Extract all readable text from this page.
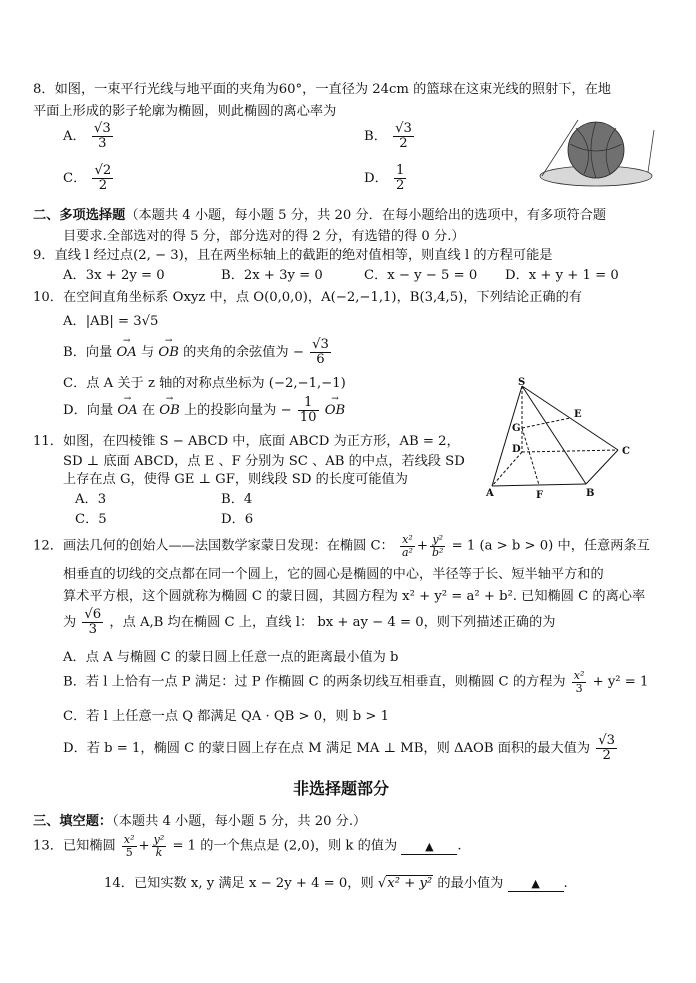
8．如图，一束平行光线与地平面的夹角为60°，一直径为 24cm 的篮球在这束光线的照射下，在地
平面上形成的影子轮廓为椭圆，则此椭圆的离心率为
A． $\frac{√3}{3}$	B． $\frac{√3}{2}$
C． $\frac{√2}{2}$	D． $\frac{1}{2}$
二、多项选择题（本题共 4 小题，每小题 5 分，共 20 分．在每小题给出的选项中，有多项符合题
目要求.全部选对的得 5 分，部分选对的得 2 分，有选错的得 0 分.）
9．直线 l 经过点(2, − 3)，且在两坐标轴上的截距的绝对值相等，则直线 l 的方程可能是
A．3x + 2y = 0	B．2x + 3y = 0	C．x − y − 5 = 0 D．x + y + 1 = 0
10．在空间直角坐标系 Oxyz 中，点 O(0,0,0)，A(−2,−1,1)，B(3,4,5)，下列结论正确的有
A．|AB| = 3√5
B．向量 → OA 与 → OB 的夹角的余弦值为 − $\frac{√3}{6}$
C．点 A 关于 z 轴的对称点坐标为 (−2,−1,−1)
D．向量 → OA 在 → OB 上的投影向量为 − $\frac{1}{10}$ → OB
11．如图，在四棱锥 S − ABCD 中，底面 ABCD 为正方形，AB = 2，
SD ⊥ 底面 ABCD，点 E 、F 分别为 SC 、AB 的中点，若线段 SD
上存在点 G，使得 GE ⊥ GF，则线段 SD 的长度可能值为
A．3	B．4
C．5	D．6
S
E
G
D	C
A	F	B
12．画法几何的创始人——法国数学家蒙日发现：在椭圆 C： $\frac{\text{x²}}{\text{a²}} + \frac{\text{y²}}{\text{b²}} = 1$ (a > b > 0) 中，任意两条互
相垂直的切线的交点都在同一个圆上，它的圆心是椭圆的中心，半径等于长、短半轴平方和的
算术平方根，这个圆就称为椭圆 C 的蒙日圆，其圆方程为 x² + y² = a² + b². 已知椭圆 C 的离心率
为 $\frac{√6}{3}$ ，点 A,B 均在椭圆 C 上，直线 l： bx + ay − 4 = 0，则下列描述正确的为
A．点 A 与椭圆 C 的蒙日圆上任意一点的距离最小值为 b
B．若 l 上恰有一点 P 满足：过 P 作椭圆 C 的两条切线互相垂直，则椭圆 C 的方程为 $\frac{\text{x²}}{3} + y^2 = 1$
C．若 l 上任意一点 Q 都满足 QA · QB > 0，则 b > 1
D．若 b = 1，椭圆 C 的蒙日圆上存在点 M 满足 MA ⊥ MB，则 ΔAOB 面积的最大值为 $\frac{√3}{2}$
非选择题部分
三、填空题：（本题共 4 小题，每小题 5 分，共 20 分.）
13．已知椭圆 $\frac{\text{x²}}{5} + \frac{\text{y²}}{k} = 1$ 的一个焦点是 (2,0)，则 k 的值为	▲ .
14．已知实数 x, y 满足 x − 2y + 4 = 0，则 √x² + y² 的最小值为	▲ .
